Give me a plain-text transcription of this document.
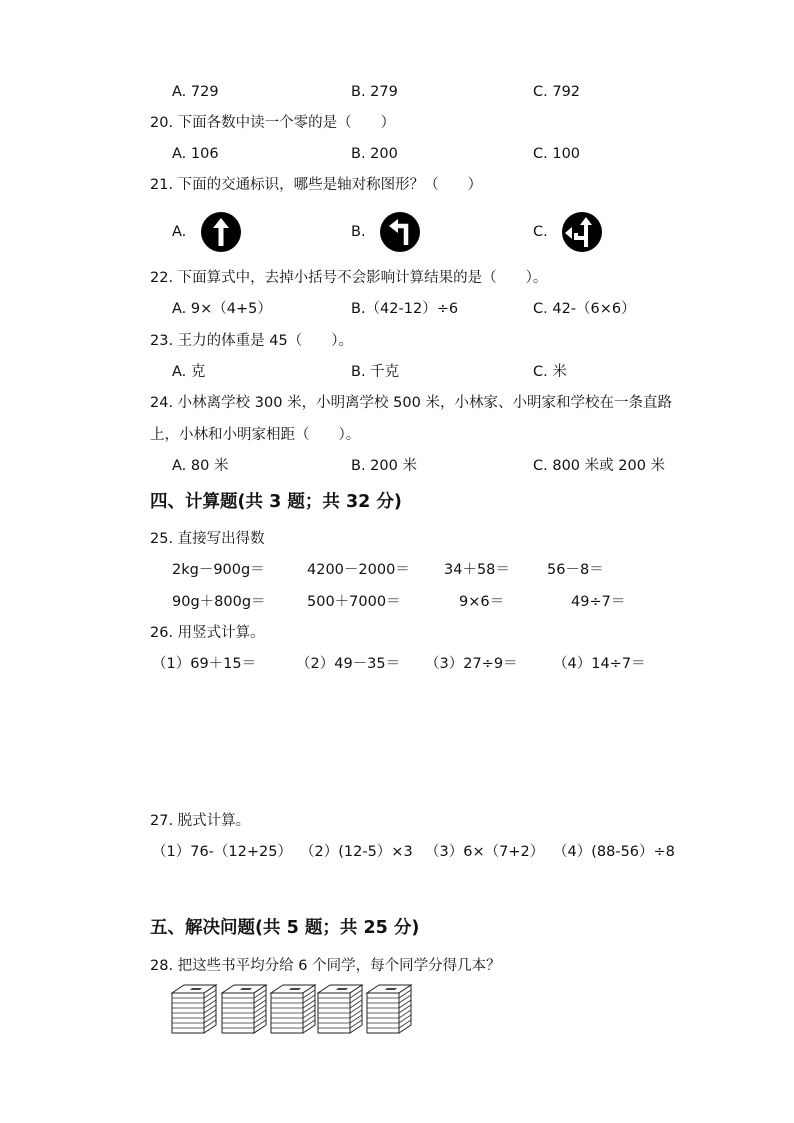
A. 729	B. 279	C. 792
20. 下面各数中读一个零的是（　　）
A. 106	B. 200	C. 100
21. 下面的交通标识，哪些是轴对称图形？（　　）
A.	B.	C.
22. 下面算式中，去掉小括号不会影响计算结果的是（　　）。
A. 9×（4+5）	B.（42-12）÷6	C. 42-（6×6）
23. 王力的体重是 45（　　）。
A. 克	B. 千克	C. 米
24. 小林离学校 300 米，小明离学校 500 米，小林家、小明家和学校在一条直路
上，小林和小明家相距（　　）。
A. 80 米	B. 200 米	C. 800 米或 200 米
四、计算题(共 3 题；共 32 分)
25. 直接写出得数
2kg－900g＝	4200－2000＝ 34＋58＝	56－8＝
90g＋800g＝	500＋7000＝	9×6＝	49÷7＝
26. 用竖式计算。
（1）69＋15＝	（2）49－35＝ （3）27÷9＝ （4）14÷7＝
27. 脱式计算。
（1）76-（12+25） （2）(12-5）×3 （3）6×（7+2） （4）(88-56）÷8
五、解决问题(共 5 题；共 25 分)
28. 把这些书平均分给 6 个同学，每个同学分得几本？
